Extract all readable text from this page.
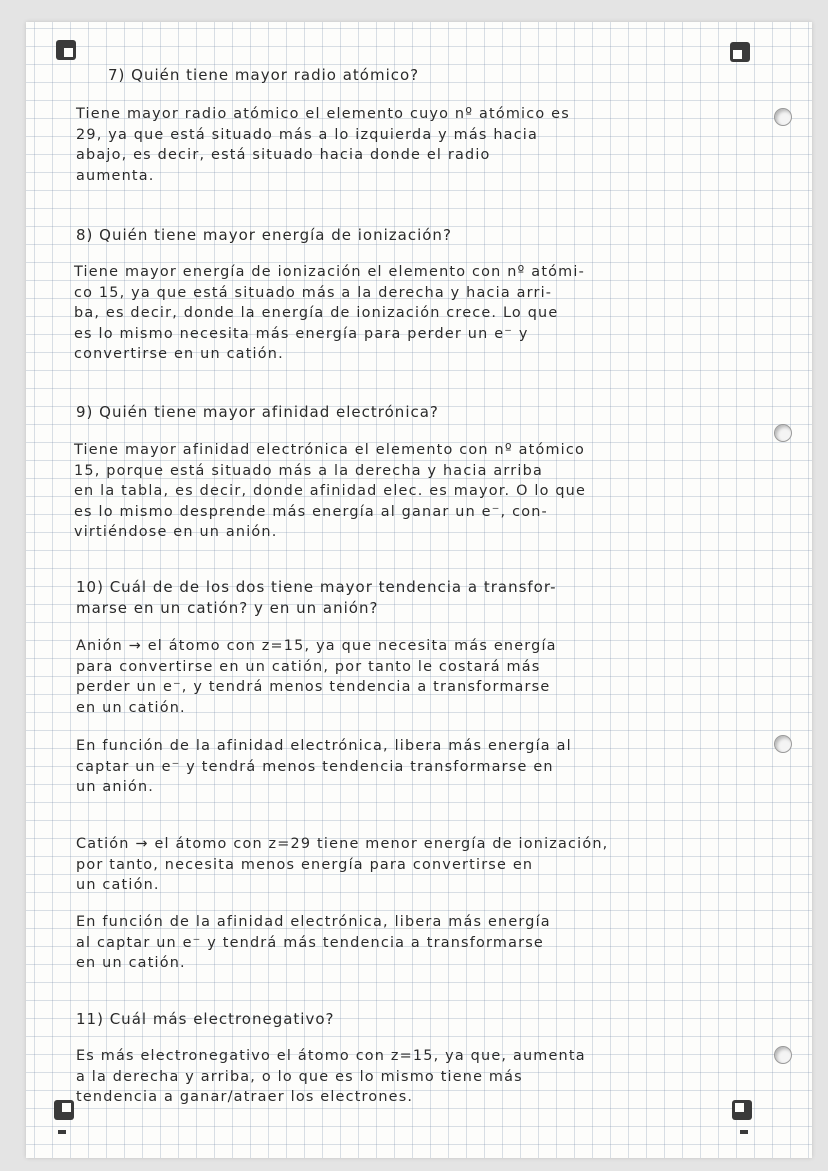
7) Quién tiene mayor radio atómico?
Tiene mayor radio atómico el elemento cuyo nº atómico es
29, ya que está situado más a lo izquierda y más hacia
abajo, es decir, está situado hacia donde el radio
aumenta.
8) Quién tiene mayor energía de ionización?
Tiene mayor energía de ionización el elemento con nº atómi-
co 15, ya que está situado más a la derecha y hacia arri-
ba, es decir, donde la energía de ionización crece. Lo que
es lo mismo necesita más energía para perder un e⁻ y
convertirse en un catión.
9) Quién tiene mayor afinidad electrónica?
Tiene mayor afinidad electrónica el elemento con nº atómico
15, porque está situado más a la derecha y hacia arriba
en la tabla, es decir, donde afinidad elec. es mayor. O lo que
es lo mismo desprende más energía al ganar un e⁻, con-
virtiéndose en un anión.
10) Cuál de de los dos tiene mayor tendencia a transfor-
marse en un catión? y en un anión?
Anión → el átomo con z=15, ya que necesita más energía
para convertirse en un catión, por tanto le costará más
perder un e⁻, y tendrá menos tendencia a transformarse
en un catión.
En función de la afinidad electrónica, libera más energía al
captar un e⁻ y tendrá menos tendencia transformarse en
un anión.
Catión → el átomo con z=29 tiene menor energía de ionización,
por tanto, necesita menos energía para convertirse en
un catión.
En función de la afinidad electrónica, libera más energía
al captar un e⁻ y tendrá más tendencia a transformarse
en un catión.
11) Cuál más electronegativo?
Es más electronegativo el átomo con z=15, ya que, aumenta
a la derecha y arriba, o lo que es lo mismo tiene más
tendencia a ganar/atraer los electrones.
